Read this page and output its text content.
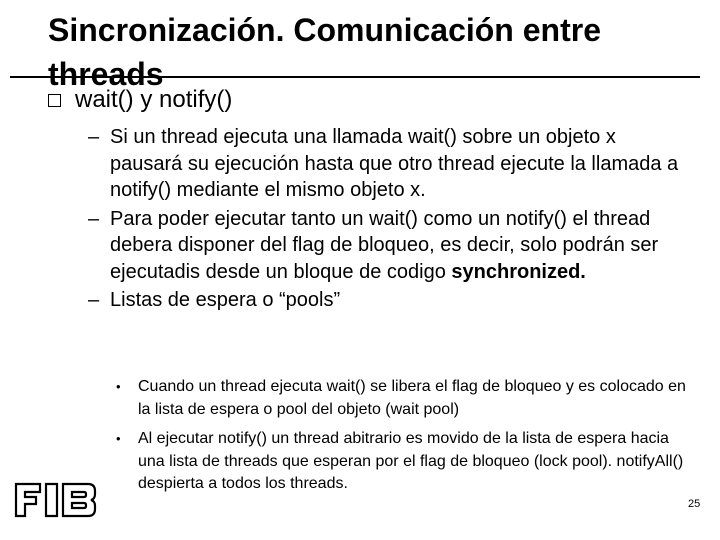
Sincronización. Comunicación entre threads
wait() y notify()
– Si un thread ejecuta una llamada wait() sobre un objeto x pausará su ejecución hasta que otro thread ejecute la llamada a notify() mediante el mismo objeto x.
– Para poder ejecutar tanto un wait() como un notify() el thread debera disponer del flag de bloqueo, es decir, solo podrán ser ejecutadis desde un bloque de codigo synchronized.
– Listas de espera o “pools”
•	Cuando un thread ejecuta wait() se libera el flag de bloqueo y es colocado en la lista de espera o pool del objeto (wait pool)
•	Al ejecutar notify() un thread abitrario es movido de la lista de espera hacia una lista de threads que esperan por el flag de bloqueo (lock pool). notifyAll() despierta a todos los threads.
FIB
25
